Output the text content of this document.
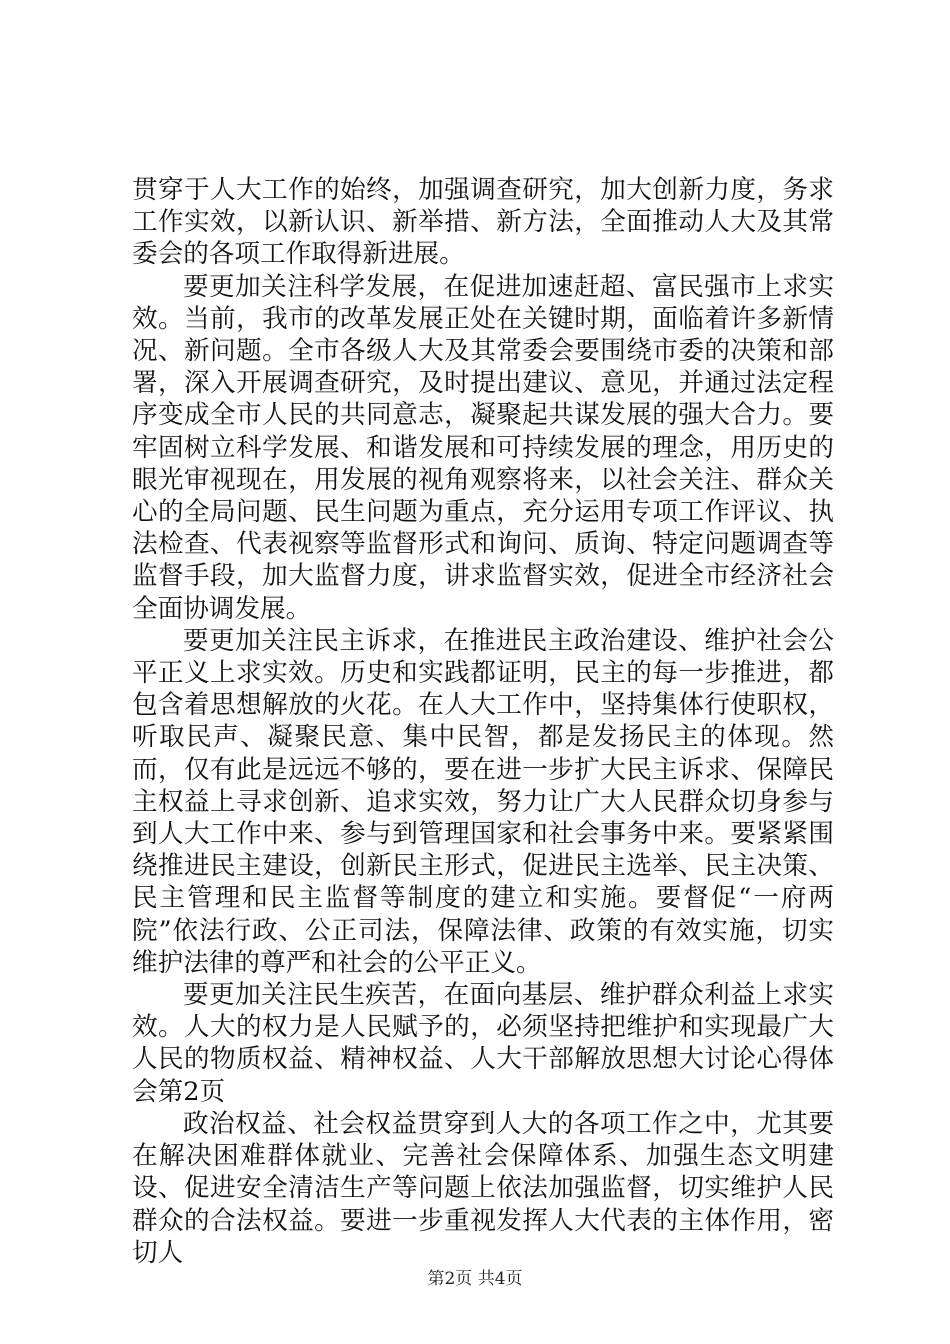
贯穿于人大工作的始终，加强调查研究，加大创新力度，务求工作实效，以新认识、新举措、新方法，全面推动人大及其常委会的各项工作取得新进展。

要更加关注科学发展，在促进加速赶超、富民强市上求实效。当前，我市的改革发展正处在关键时期，面临着许多新情况、新问题。全市各级人大及其常委会要围绕市委的决策和部署，深入开展调查研究，及时提出建议、意见，并通过法定程序变成全市人民的共同意志，凝聚起共谋发展的强大合力。要牢固树立科学发展、和谐发展和可持续发展的理念，用历史的眼光审视现在，用发展的视角观察将来，以社会关注、群众关心的全局问题、民生问题为重点，充分运用专项工作评议、执法检查、代表视察等监督形式和询问、质询、特定问题调查等监督手段，加大监督力度，讲求监督实效，促进全市经济社会全面协调发展。

要更加关注民主诉求，在推进民主政治建设、维护社会公平正义上求实效。历史和实践都证明，民主的每一步推进，都包含着思想解放的火花。在人大工作中，坚持集体行使职权，听取民声、凝聚民意、集中民智，都是发扬民主的体现。然而，仅有此是远远不够的，要在进一步扩大民主诉求、保障民主权益上寻求创新、追求实效，努力让广大人民群众切身参与到人大工作中来、参与到管理国家和社会事务中来。要紧紧围绕推进民主建设，创新民主形式，促进民主选举、民主决策、民主管理和民主监督等制度的建立和实施。要督促“一府两院”依法行政、公正司法，保障法律、政策的有效实施，切实维护法律的尊严和社会的公平正义。

要更加关注民生疾苦，在面向基层、维护群众利益上求实效。人大的权力是人民赋予的，必须坚持把维护和实现最广大人民的物质权益、精神权益、人大干部解放思想大讨论心得体会第2页

政治权益、社会权益贯穿到人大的各项工作之中，尤其要在解决困难群体就业、完善社会保障体系、加强生态文明建设、促进安全清洁生产等问题上依法加强监督，切实维护人民群众的合法权益。要进一步重视发挥人大代表的主体作用，密切人

第2页 共4页
